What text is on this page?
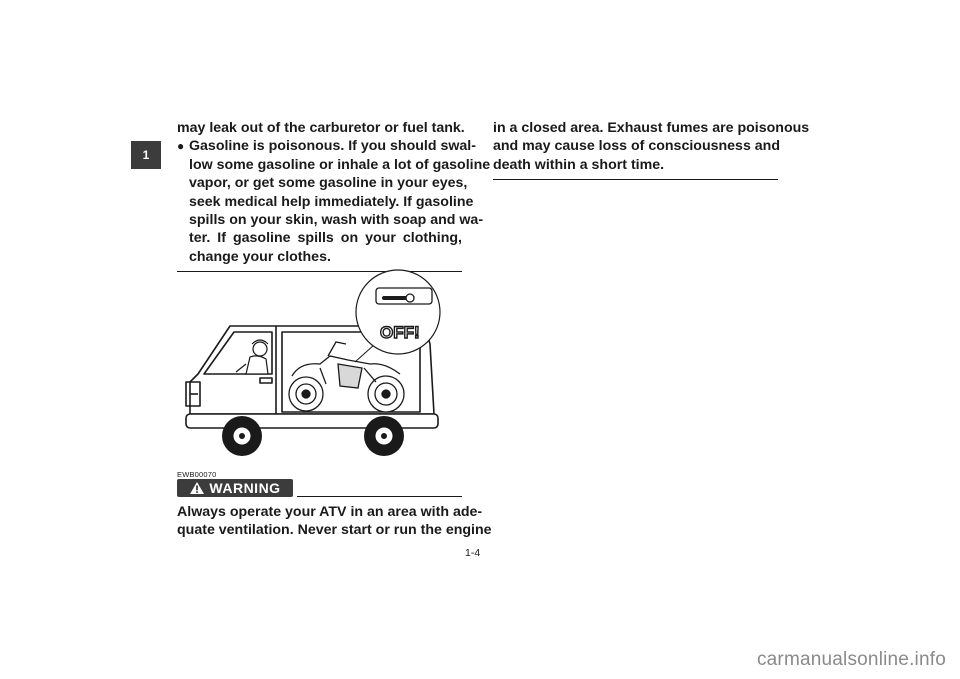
1
may leak out of the carburetor or fuel tank.
● Gasoline is poisonous. If you should swal-
low some gasoline or inhale a lot of gasoline
vapor, or get some gasoline in your eyes,
seek medical help immediately. If gasoline
spills on your skin, wash with soap and wa-
ter. If gasoline spills on your clothing,
change your clothes.
OFF!
EWB00070
WARNING
Always operate your ATV in an area with ade-
quate ventilation. Never start or run the engine
in a closed area. Exhaust fumes are poisonous
and may cause loss of consciousness and
death within a short time.
1-4
carmanualsonline.info
